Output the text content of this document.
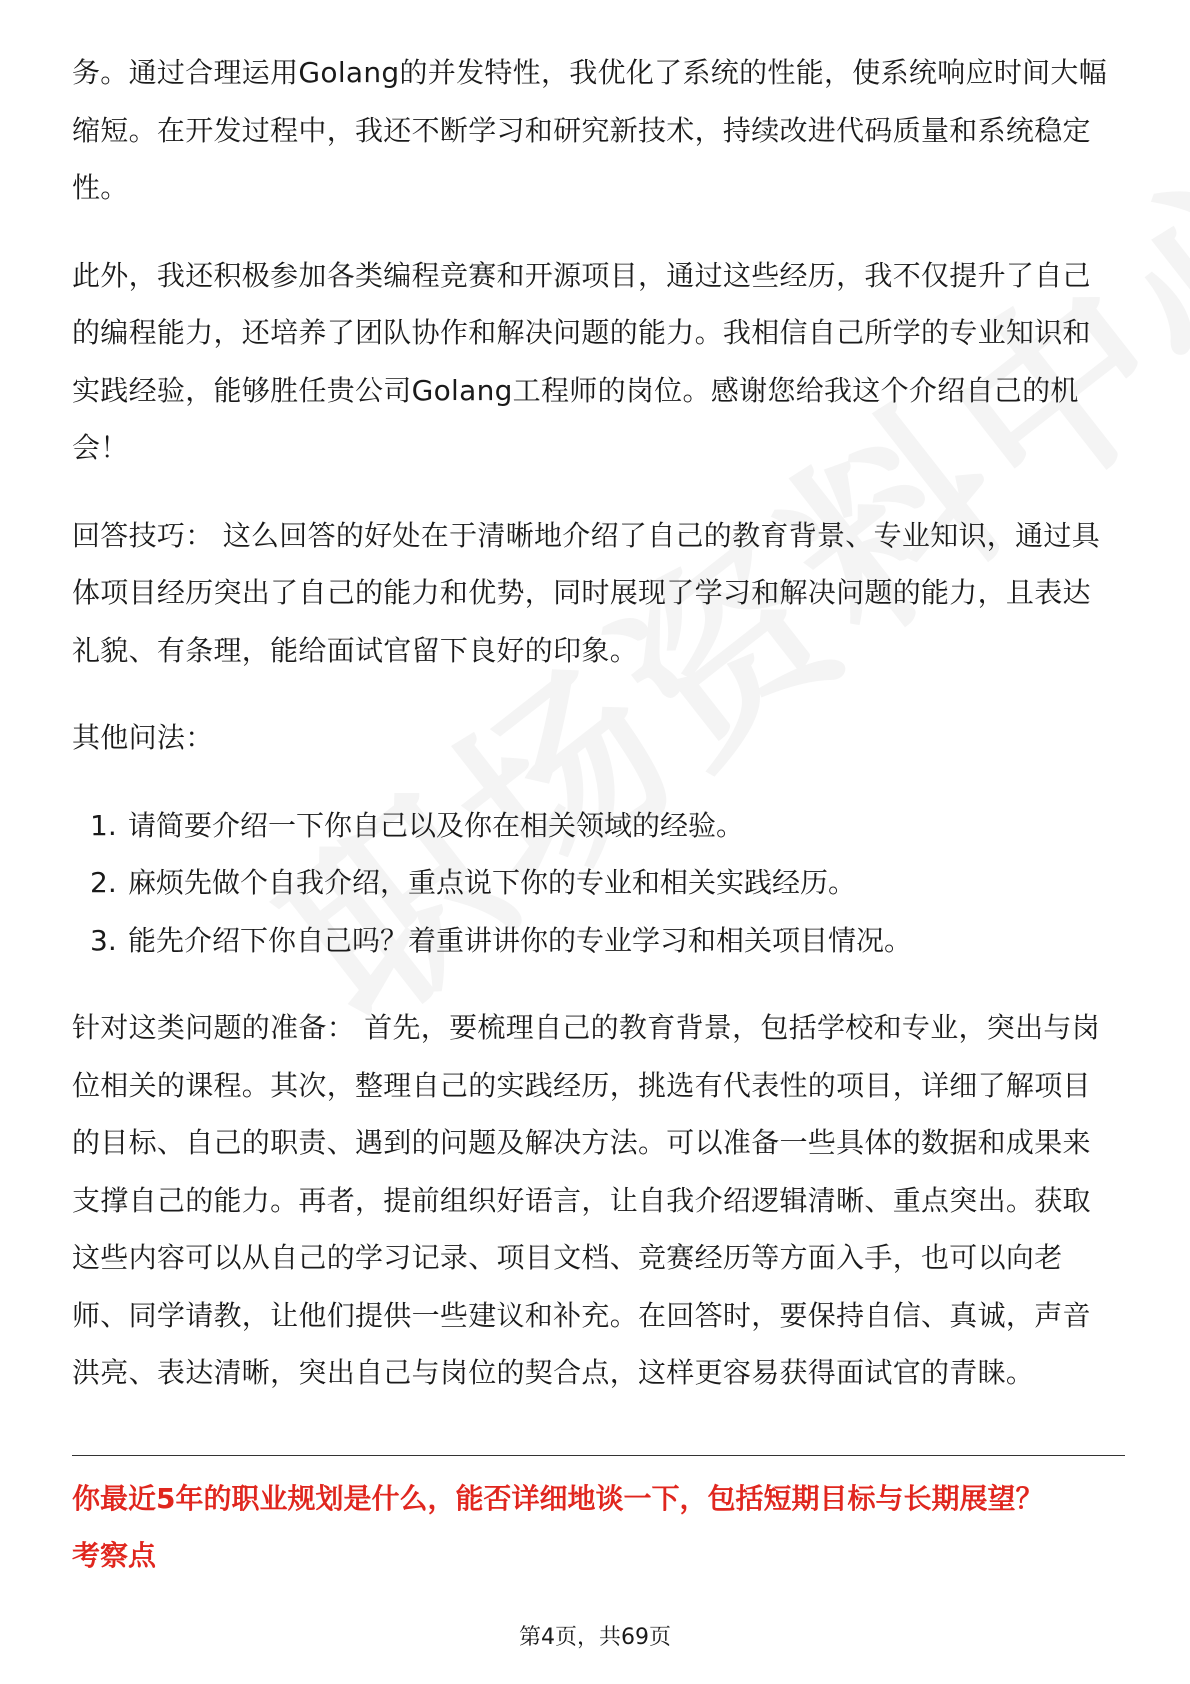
务。通过合理运用Golang的并发特性，我优化了系统的性能，使系统响应时间大幅缩短。在开发过程中，我还不断学习和研究新技术，持续改进代码质量和系统稳定性。

此外，我还积极参加各类编程竞赛和开源项目，通过这些经历，我不仅提升了自己的编程能力，还培养了团队协作和解决问题的能力。我相信自己所学的专业知识和实践经验，能够胜任贵公司Golang工程师的岗位。感谢您给我这个介绍自己的机会！

回答技巧： 这么回答的好处在于清晰地介绍了自己的教育背景、专业知识，通过具体项目经历突出了自己的能力和优势，同时展现了学习和解决问题的能力，且表达礼貌、有条理，能给面试官留下良好的印象。

其他问法：

1. 请简要介绍一下你自己以及你在相关领域的经验。
2. 麻烦先做个自我介绍，重点说下你的专业和相关实践经历。
3. 能先介绍下你自己吗？着重讲讲你的专业学习和相关项目情况。

针对这类问题的准备： 首先，要梳理自己的教育背景，包括学校和专业，突出与岗位相关的课程。其次，整理自己的实践经历，挑选有代表性的项目，详细了解项目的目标、自己的职责、遇到的问题及解决方法。可以准备一些具体的数据和成果来支撑自己的能力。再者，提前组织好语言，让自我介绍逻辑清晰、重点突出。获取这些内容可以从自己的学习记录、项目文档、竞赛经历等方面入手，也可以向老师、同学请教，让他们提供一些建议和补充。在回答时，要保持自信、真诚，声音洪亮、表达清晰，突出自己与岗位的契合点，这样更容易获得面试官的青睐。

你最近5年的职业规划是什么，能否详细地谈一下，包括短期目标与长期展望？

考察点

第4页，共69页
